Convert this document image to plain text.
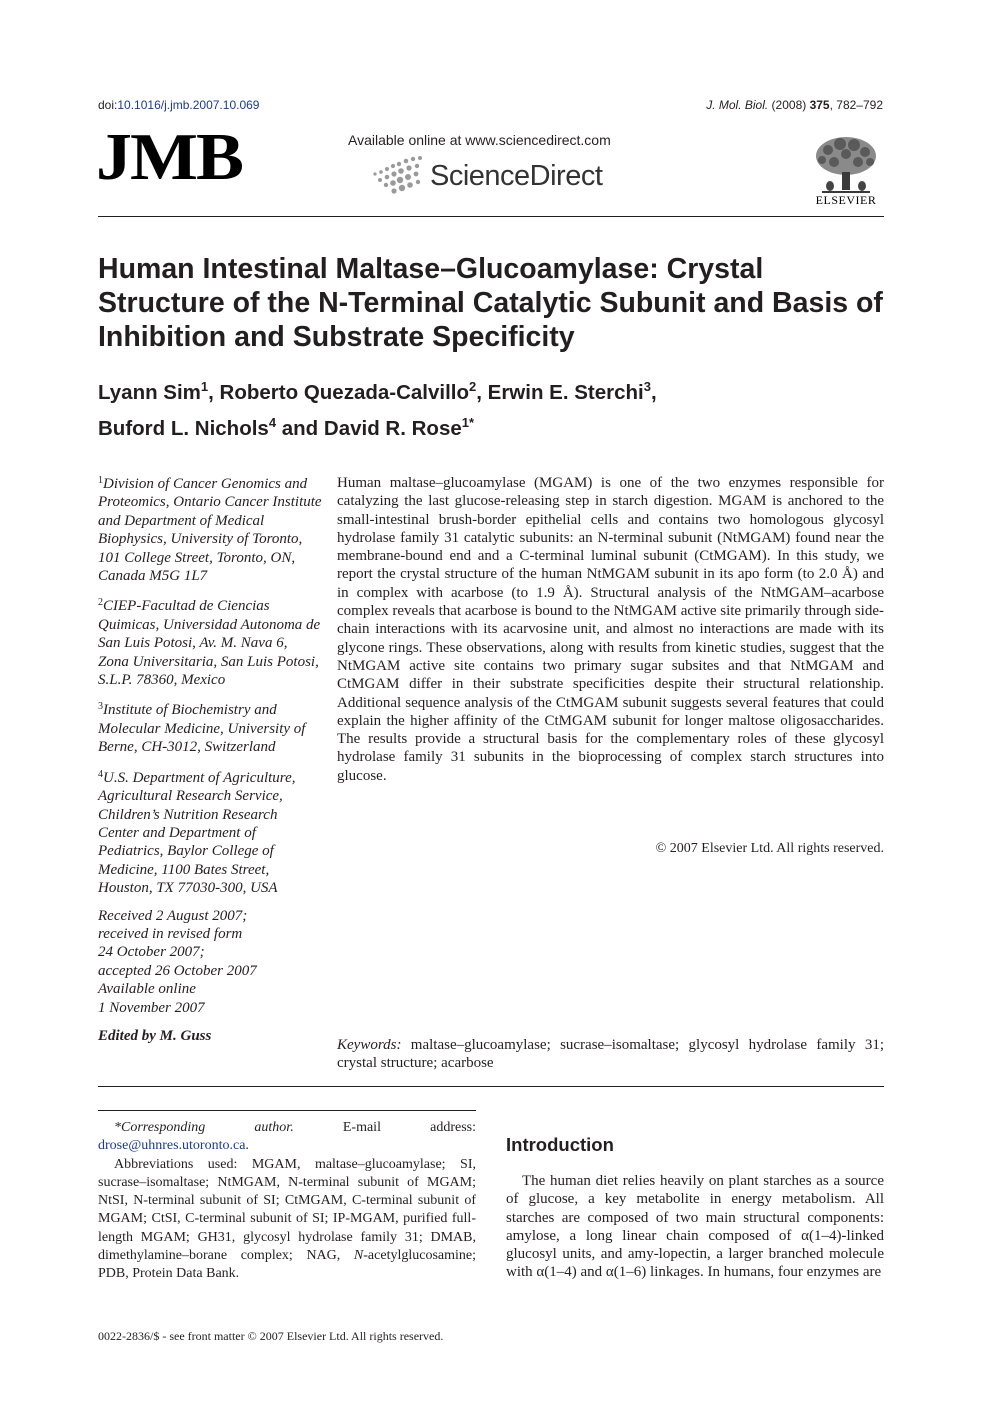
doi:10.1016/j.jmb.2007.10.069	J. Mol. Biol. (2008) 375, 782–792
JMB	Available online at www.sciencedirect.com
ScienceDirect
ELSEVIER
Human Intestinal Maltase–Glucoamylase: Crystal Structure of the N-Terminal Catalytic Subunit and Basis of Inhibition and Substrate Specificity
Lyann Sim$^1$, Roberto Quezada-Calvillo$^2$, Erwin E. Sterchi$^3$,
Buford L. Nichols$^4$ and David R. Rose$^{1*}$
$^1$Division of Cancer Genomics and Proteomics, Ontario Cancer Institute and Department of Medical Biophysics, University of Toronto, 101 College Street, Toronto, ON, Canada M5G 1L7
$^2$CIEP-Facultad de Ciencias Quimicas, Universidad Autonoma de San Luis Potosi, Av. M. Nava 6, Zona Universitaria, San Luis Potosi, S.L.P. 78360, Mexico
$^3$Institute of Biochemistry and Molecular Medicine, University of Berne, CH-3012, Switzerland
$^4$U.S. Department of Agriculture, Agricultural Research Service, Children’s Nutrition Research Center and Department of Pediatrics, Baylor College of Medicine, 1100 Bates Street, Houston, TX 77030-300, USA
Received 2 August 2007;
received in revised form
24 October 2007;
accepted 26 October 2007
Available online
1 November 2007
Edited by M. Guss

Human maltase–glucoamylase (MGAM) is one of the two enzymes responsible for catalyzing the last glucose-releasing step in starch digestion. MGAM is anchored to the small-intestinal brush-border epithelial cells and contains two homologous glycosyl hydrolase family 31 catalytic subunits: an N-terminal subunit (NtMGAM) found near the membrane-bound end and a C-terminal luminal subunit (CtMGAM). In this study, we report the crystal structure of the human NtMGAM subunit in its apo form (to 2.0 Å) and in complex with acarbose (to 1.9 Å). Structural analysis of the NtMGAM–acarbose complex reveals that acarbose is bound to the NtMGAM active site primarily through side-chain interactions with its acarvosine unit, and almost no interactions are made with its glycone rings. These observations, along with results from kinetic studies, suggest that the NtMGAM active site contains two primary sugar subsites and that NtMGAM and CtMGAM differ in their substrate specificities despite their structural relationship. Additional sequence analysis of the CtMGAM subunit suggests several features that could explain the higher affinity of the CtMGAM subunit for longer maltose oligosaccharides. The results provide a structural basis for the complementary roles of these glycosyl hydrolase family 31 subunits in the bioprocessing of complex starch structures into glucose.

© 2007 Elsevier Ltd. All rights reserved.

Keywords: maltase–glucoamylase; sucrase–isomaltase; glycosyl hydrolase family 31; crystal structure; acarbose

*Corresponding author. E-mail address: drose@uhnres.utoronto.ca.

Abbreviations used: MGAM, maltase–glucoamylase; SI, sucrase–isomaltase; NtMGAM, N-terminal subunit of MGAM; NtSI, N-terminal subunit of SI; CtMGAM, C-terminal subunit of MGAM; CtSI, C-terminal subunit of SI; IP-MGAM, purified full-length MGAM; GH31, glycosyl hydrolase family 31; DMAB, dimethylamine–borane complex; NAG, N-acetylglucosamine; PDB, Protein Data Bank.

Introduction

The human diet relies heavily on plant starches as a source of glucose, a key metabolite in energy metabolism. All starches are composed of two main structural components: amylose, a long linear chain composed of α(1–4)-linked glucosyl units, and amy-lopectin, a larger branched molecule with α(1–4) and α(1–6) linkages. In humans, four enzymes are

0022-2836/$ - see front matter © 2007 Elsevier Ltd. All rights reserved.
